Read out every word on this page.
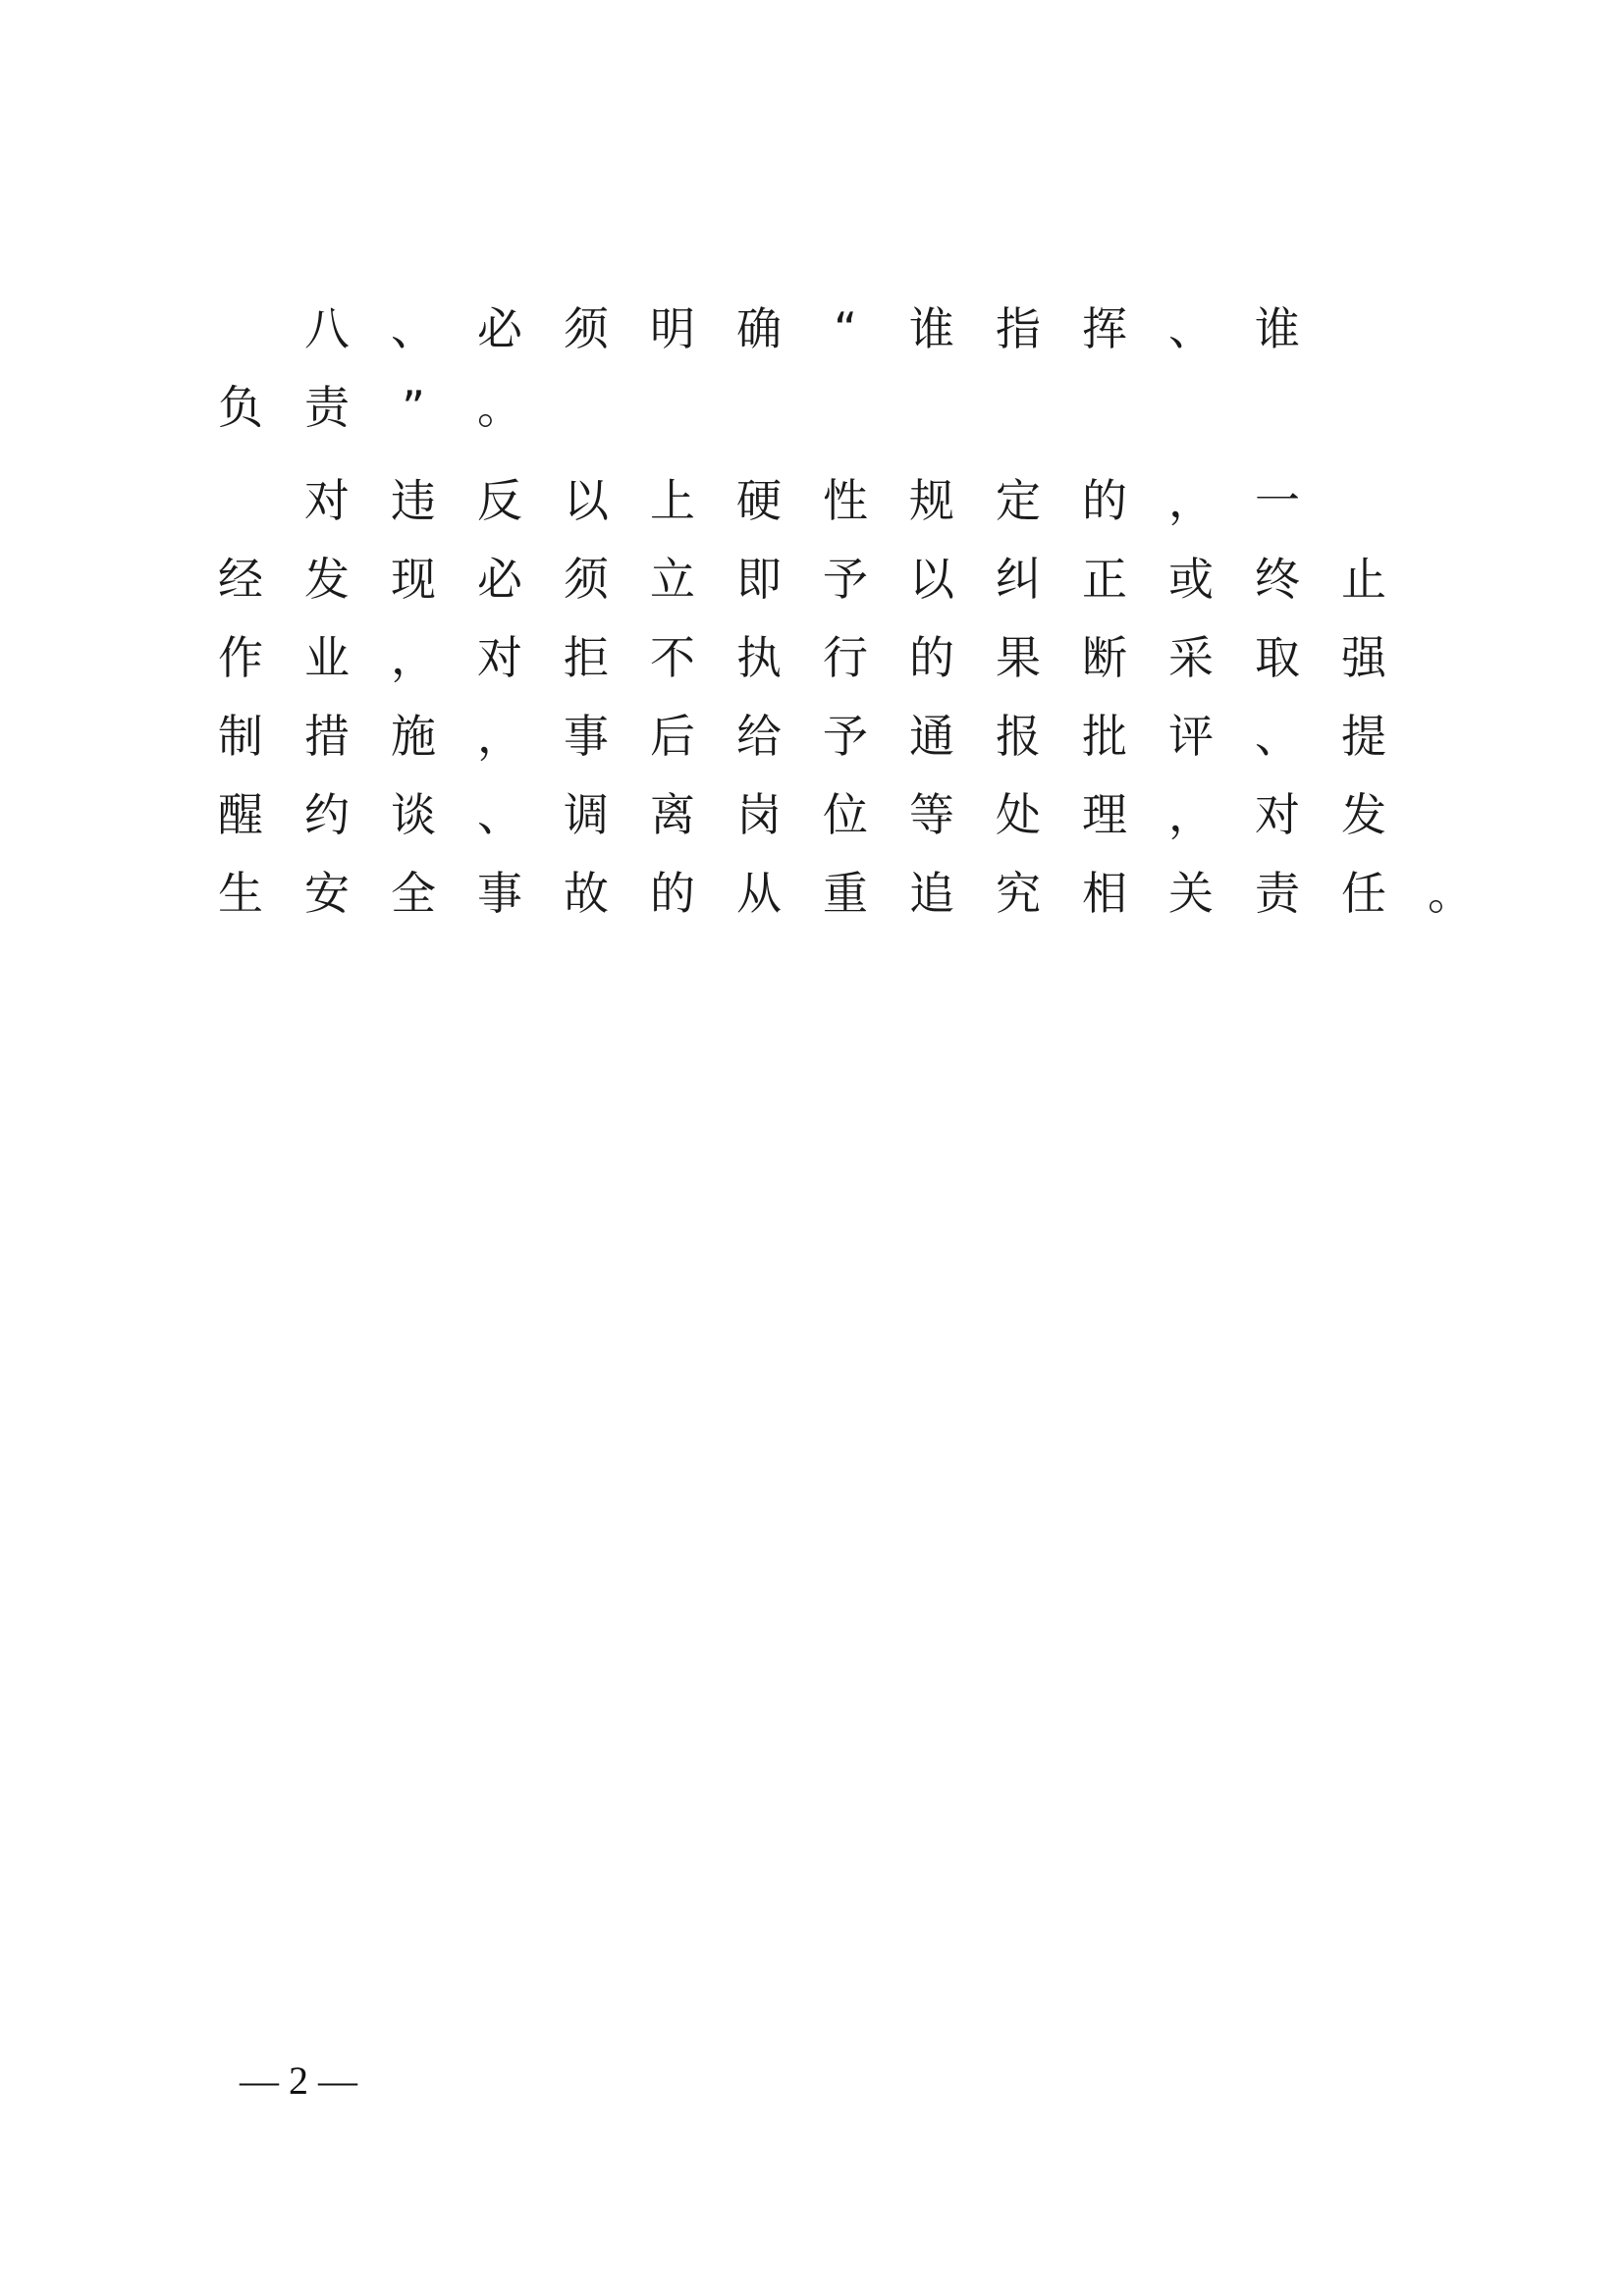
八 、 必 须 明 确	“	谁 指 挥 、 谁
负 责	”	。
对 违 反 以 上 硬 性 规 定 的 ， 一
经 发 现 必 须 立 即 予 以 纠 正 或 终 止
作 业 ， 对 拒 不 执 行 的 果 断 采 取 强
制 措 施 ， 事 后 给 予 通 报 批 评 、 提
醒 约 谈 、 调 离 岗 位 等 处 理 ， 对 发
生 安 全 事 故 的 从 重 追 究 相 关 责 任 。
— 2 —
